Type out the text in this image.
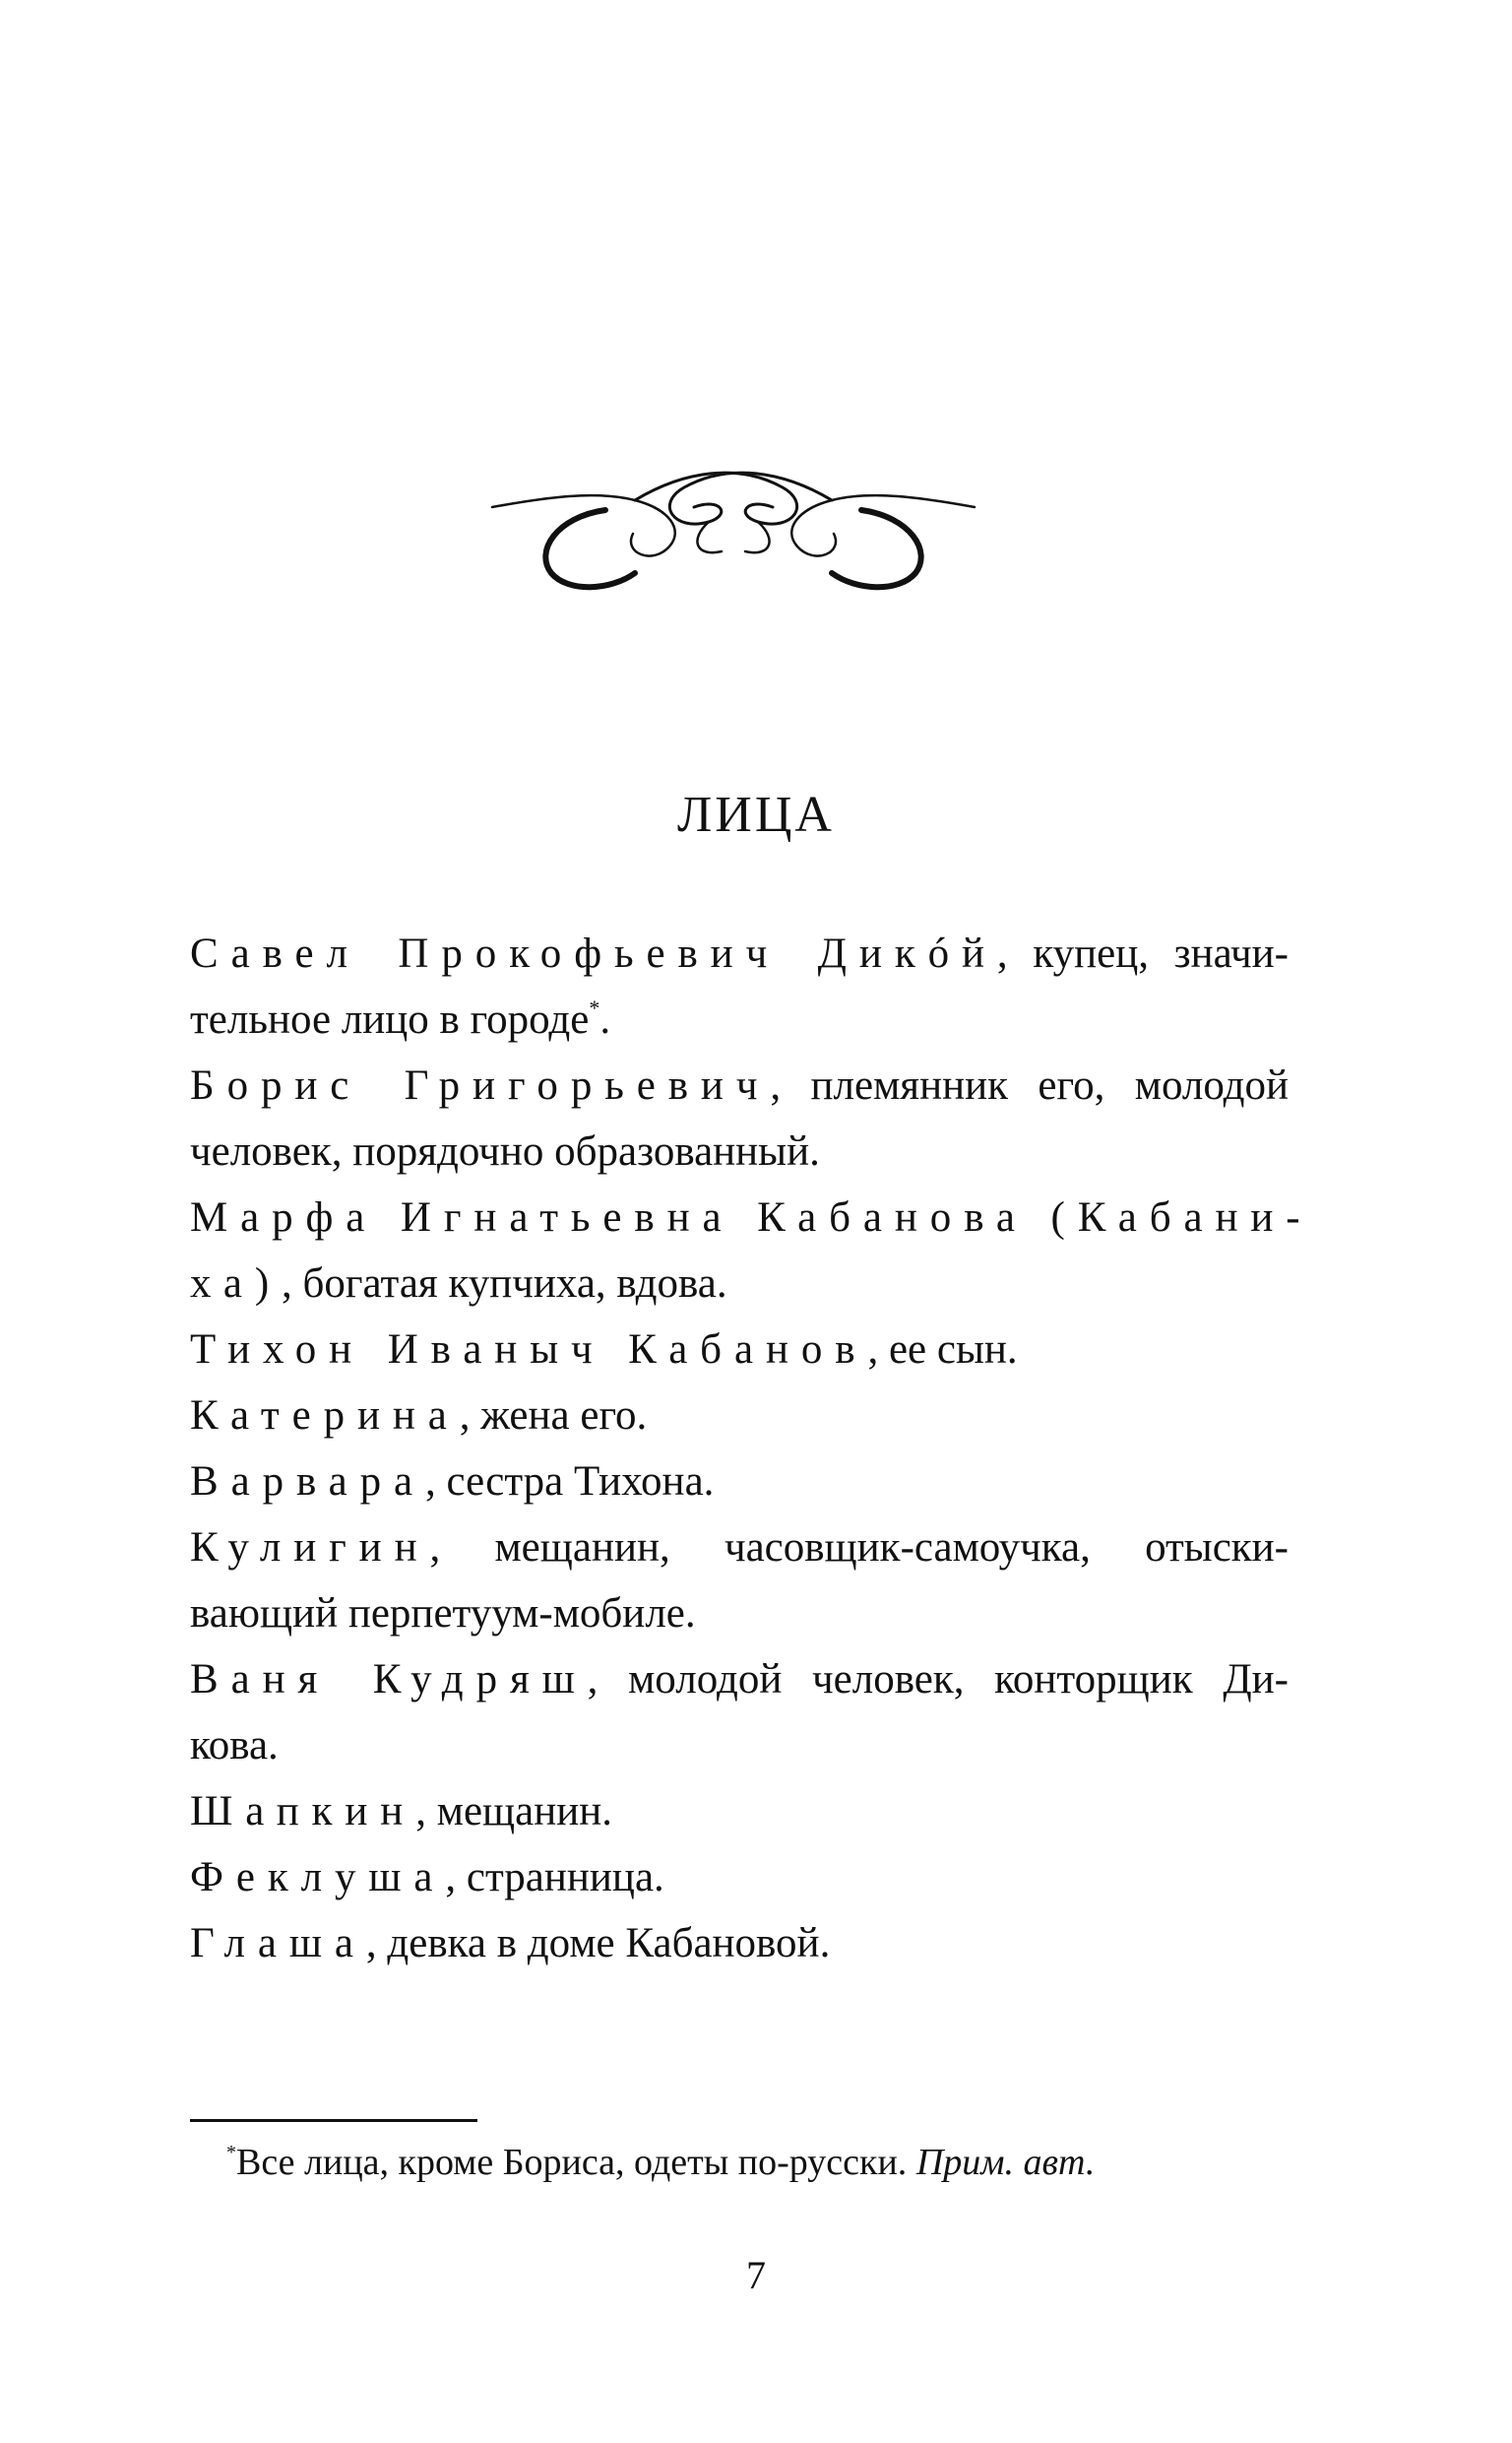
ЛИЦА
Савел Прокофьевич Дикóй, купец, значи-
тельное лицо в городе*.
Борис Григорьевич, племянник его, молодой
человек, порядочно образованный.
Марфа Игнатьевна Кабанова (Кабани-
ха), богатая купчиха, вдова.
Тихон Иваныч Кабанов, ее сын.
Катерина, жена его.
Варвара, сестра Тихона.
Кулигин, мещанин, часовщик-самоучка, отыски-
вающий перпетуум-мобиле.
Ваня Кудряш, молодой человек, конторщик Ди-
кова.
Шапкин, мещанин.
Феклуша, странница.
Глаша, девка в доме Кабановой.
*Все лица, кроме Бориса, одеты по-русски. Прим. авт.
7
